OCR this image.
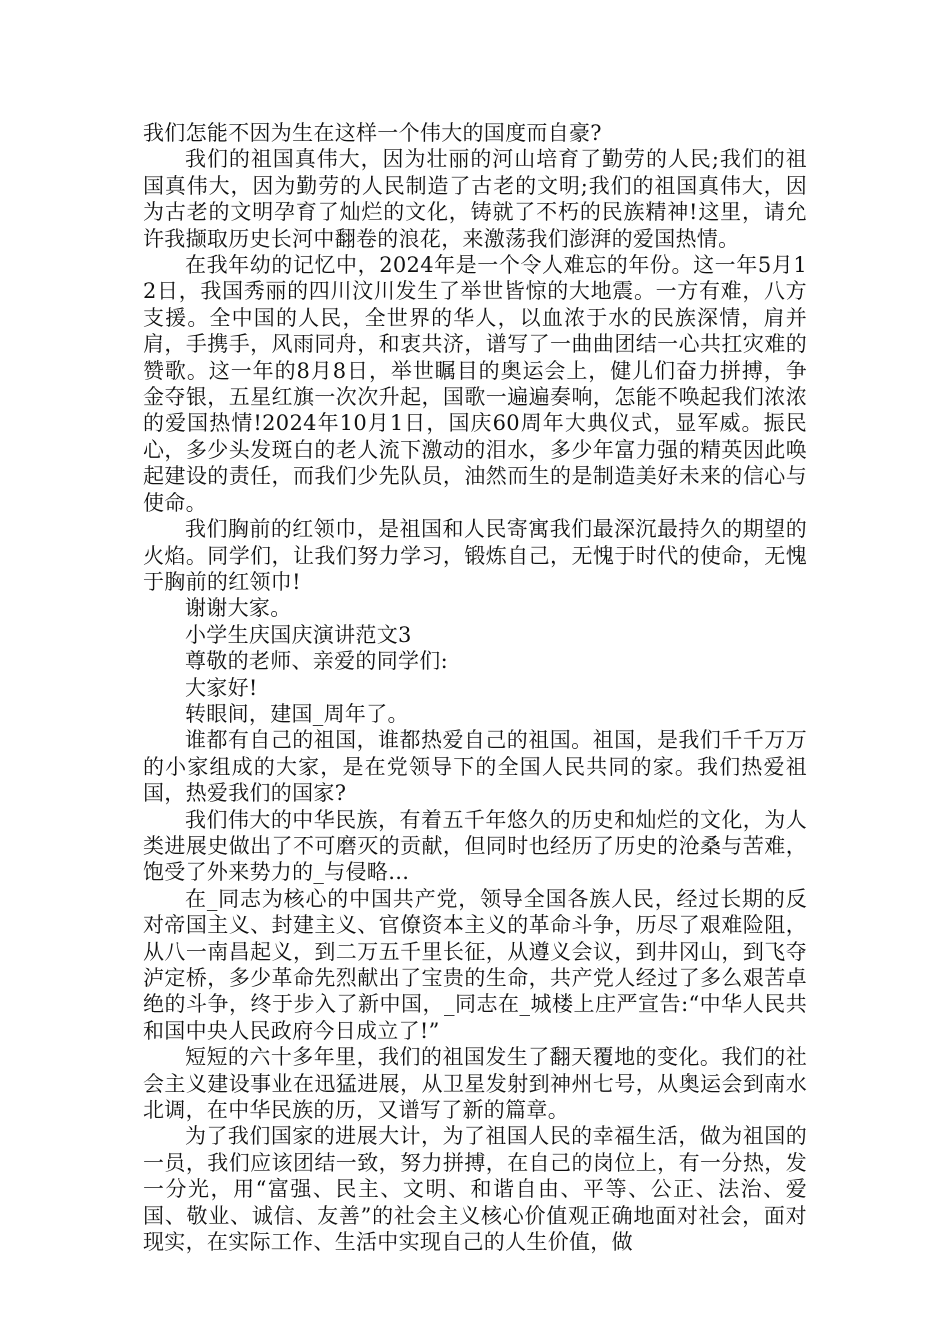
我们怎能不因为生在这样一个伟大的国度而自豪?

我们的祖国真伟大，因为壮丽的河山培育了勤劳的人民;我们的祖国真伟大，因为勤劳的人民制造了古老的文明;我们的祖国真伟大，因为古老的文明孕育了灿烂的文化，铸就了不朽的民族精神!这里，请允许我撷取历史长河中翻卷的浪花，来激荡我们澎湃的爱国热情。

在我年幼的记忆中，2024年是一个令人难忘的年份。这一年5月12日，我国秀丽的四川汶川发生了举世皆惊的大地震。一方有难，八方支援。全中国的人民，全世界的华人，以血浓于水的民族深情，肩并肩，手携手，风雨同舟，和衷共济，谱写了一曲曲团结一心共扛灾难的赞歌。这一年的8月8日，举世瞩目的奥运会上，健儿们奋力拼搏，争金夺银，五星红旗一次次升起，国歌一遍遍奏响，怎能不唤起我们浓浓的爱国热情!2024年10月1日，国庆60周年大典仪式，显军威。振民心，多少头发斑白的老人流下激动的泪水，多少年富力强的精英因此唤起建设的责任，而我们少先队员，油然而生的是制造美好未来的信心与使命。

我们胸前的红领巾，是祖国和人民寄寓我们最深沉最持久的期望的火焰。同学们，让我们努力学习，锻炼自己，无愧于时代的使命，无愧于胸前的红领巾!

谢谢大家。

小学生庆国庆演讲范文3

尊敬的老师、亲爱的同学们:

大家好!

转眼间，建国_周年了。

谁都有自己的祖国，谁都热爱自己的祖国。祖国，是我们千千万万的小家组成的大家，是在党领导下的全国人民共同的家。我们热爱祖国，热爱我们的国家?

我们伟大的中华民族，有着五千年悠久的历史和灿烂的文化，为人类进展史做出了不可磨灭的贡献，但同时也经历了历史的沧桑与苦难，饱受了外来势力的_与侵略…

在_同志为核心的中国共产党，领导全国各族人民，经过长期的反对帝国主义、封建主义、官僚资本主义的革命斗争，历尽了艰难险阻，从八一南昌起义，到二万五千里长征，从遵义会议，到井冈山，到飞夺泸定桥，多少革命先烈献出了宝贵的生命，共产党人经过了多么艰苦卓绝的斗争，终于步入了新中国，_同志在_城楼上庄严宣告:“中华人民共和国中央人民政府今日成立了!”

短短的六十多年里，我们的祖国发生了翻天覆地的变化。我们的社会主义建设事业在迅猛进展，从卫星发射到神州七号，从奥运会到南水北调，在中华民族的历，又谱写了新的篇章。

为了我们国家的进展大计，为了祖国人民的幸福生活，做为祖国的一员，我们应该团结一致，努力拼搏，在自己的岗位上，有一分热，发一分光，用“富强、民主、文明、和谐自由、平等、公正、法治、爱国、敬业、诚信、友善”的社会主义核心价值观正确地面对社会，面对现实，在实际工作、生活中实现自己的人生价值，做
